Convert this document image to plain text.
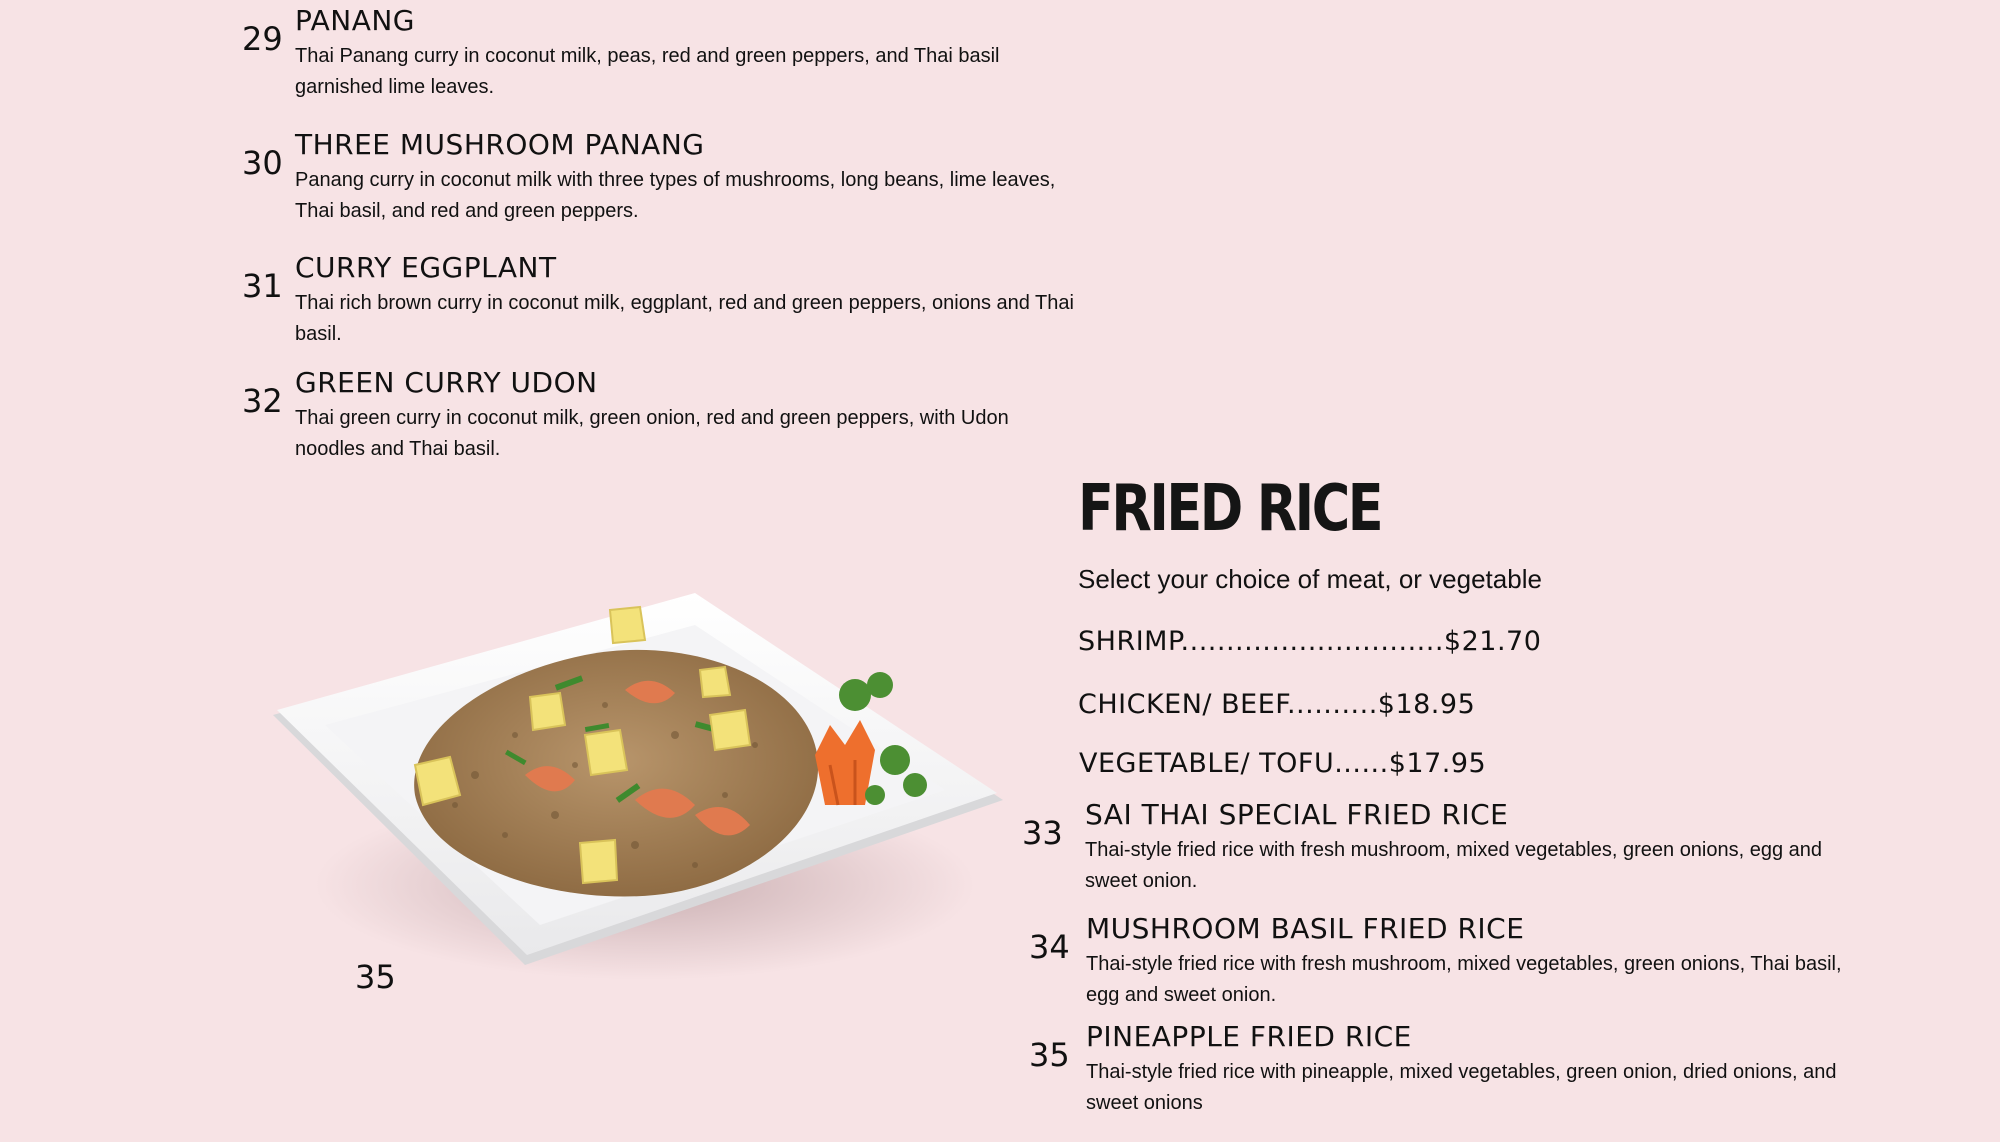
29 PANANG

Thai Panang curry in coconut milk, peas, red and green peppers, and Thai basil garnished lime leaves.

30 THREE MUSHROOM PANANG

Panang curry in coconut milk with three types of mushrooms, long beans, lime leaves, Thai basil, and red and green peppers.

31 CURRY EGGPLANT

Thai rich brown curry in coconut milk, eggplant, red and green peppers, onions and Thai basil.

32 GREEN CURRY UDON

Thai green curry in coconut milk, green onion, red and green peppers, with Udon noodles and Thai basil.

35
FRIED RICE
Select your choice of meat, or vegetable
SHRIMP.............................$21.70
CHICKEN/ BEEF..........$18.95
VEGETABLE/ TOFU......$17.95
33 SAI THAI SPECIAL FRIED RICE

Thai-style fried rice with fresh mushroom, mixed vegetables, green onions, egg and sweet onion.

34 MUSHROOM BASIL FRIED RICE

Thai-style fried rice with fresh mushroom, mixed vegetables, green onions, Thai basil, egg and sweet onion.

35 PINEAPPLE FRIED RICE

Thai-style fried rice with pineapple, mixed vegetables, green onion, dried onions, and sweet onions
